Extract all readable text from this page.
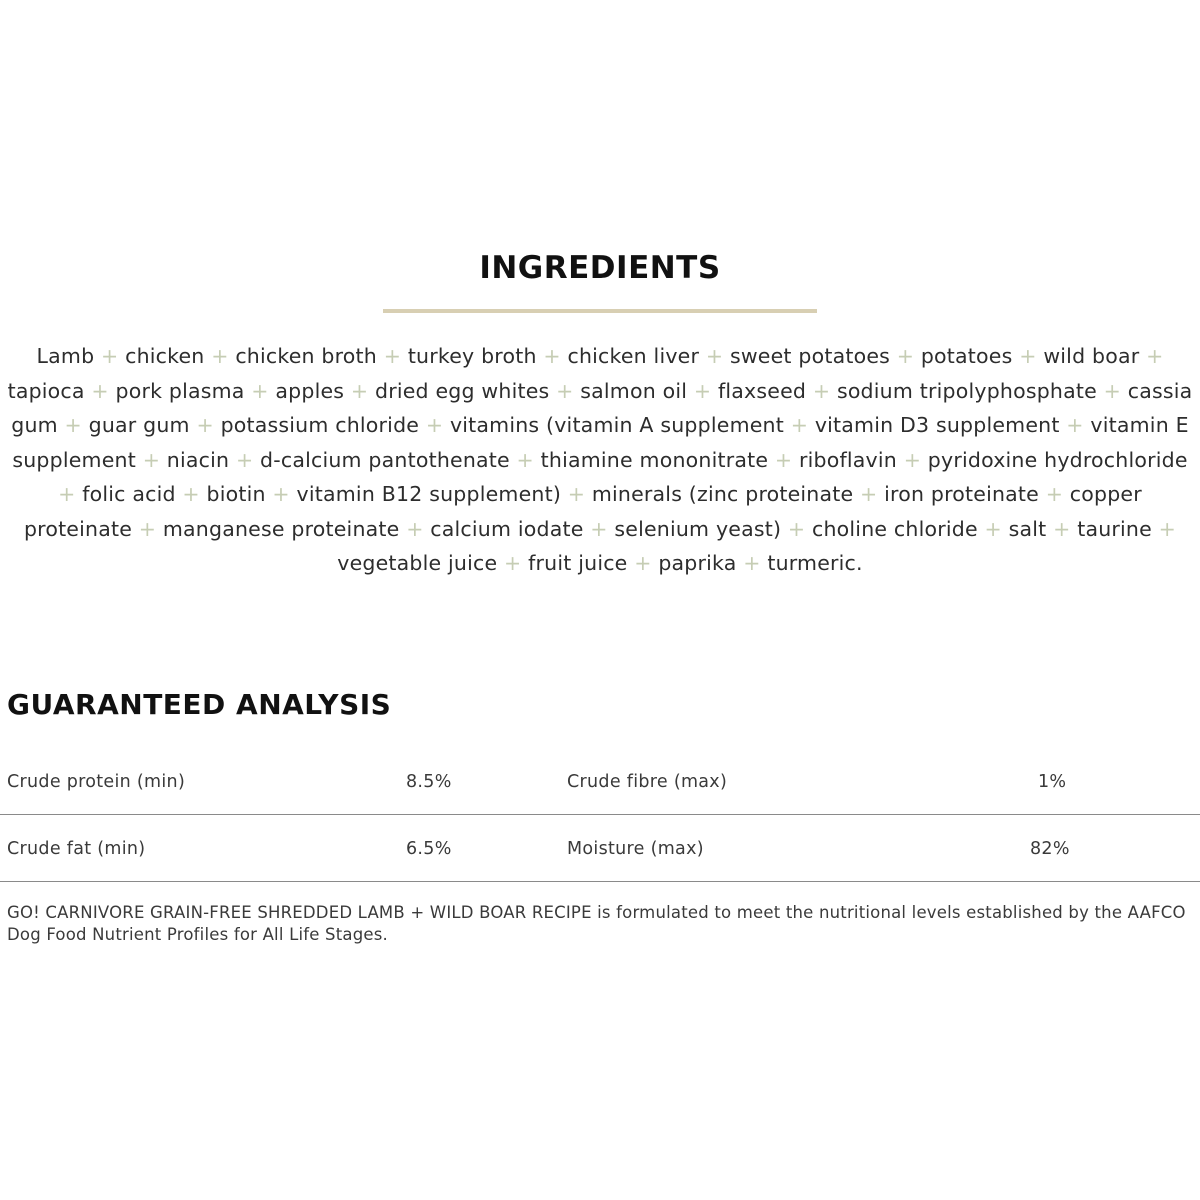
INGREDIENTS

Lamb + chicken + chicken broth + turkey broth + chicken liver + sweet potatoes + potatoes + wild boar + tapioca + pork plasma + apples + dried egg whites + salmon oil + flaxseed + sodium tripolyphosphate + cassia gum + guar gum + potassium chloride + vitamins (vitamin A supplement + vitamin D3 supplement + vitamin E supplement + niacin + d-calcium pantothenate + thiamine mononitrate + riboflavin + pyridoxine hydrochloride + folic acid + biotin + vitamin B12 supplement) + minerals (zinc proteinate + iron proteinate + copper proteinate + manganese proteinate + calcium iodate + selenium yeast) + choline chloride + salt + taurine + vegetable juice + fruit juice + paprika + turmeric.

GUARANTEED ANALYSIS
Crude protein (min)	8.5%	Crude fibre (max)	1%
Crude fat (min)	6.5%	Moisture (max)	82%

GO! CARNIVORE GRAIN-FREE SHREDDED LAMB + WILD BOAR RECIPE is formulated to meet the nutritional levels established by the AAFCO Dog Food Nutrient Profiles for All Life Stages.
